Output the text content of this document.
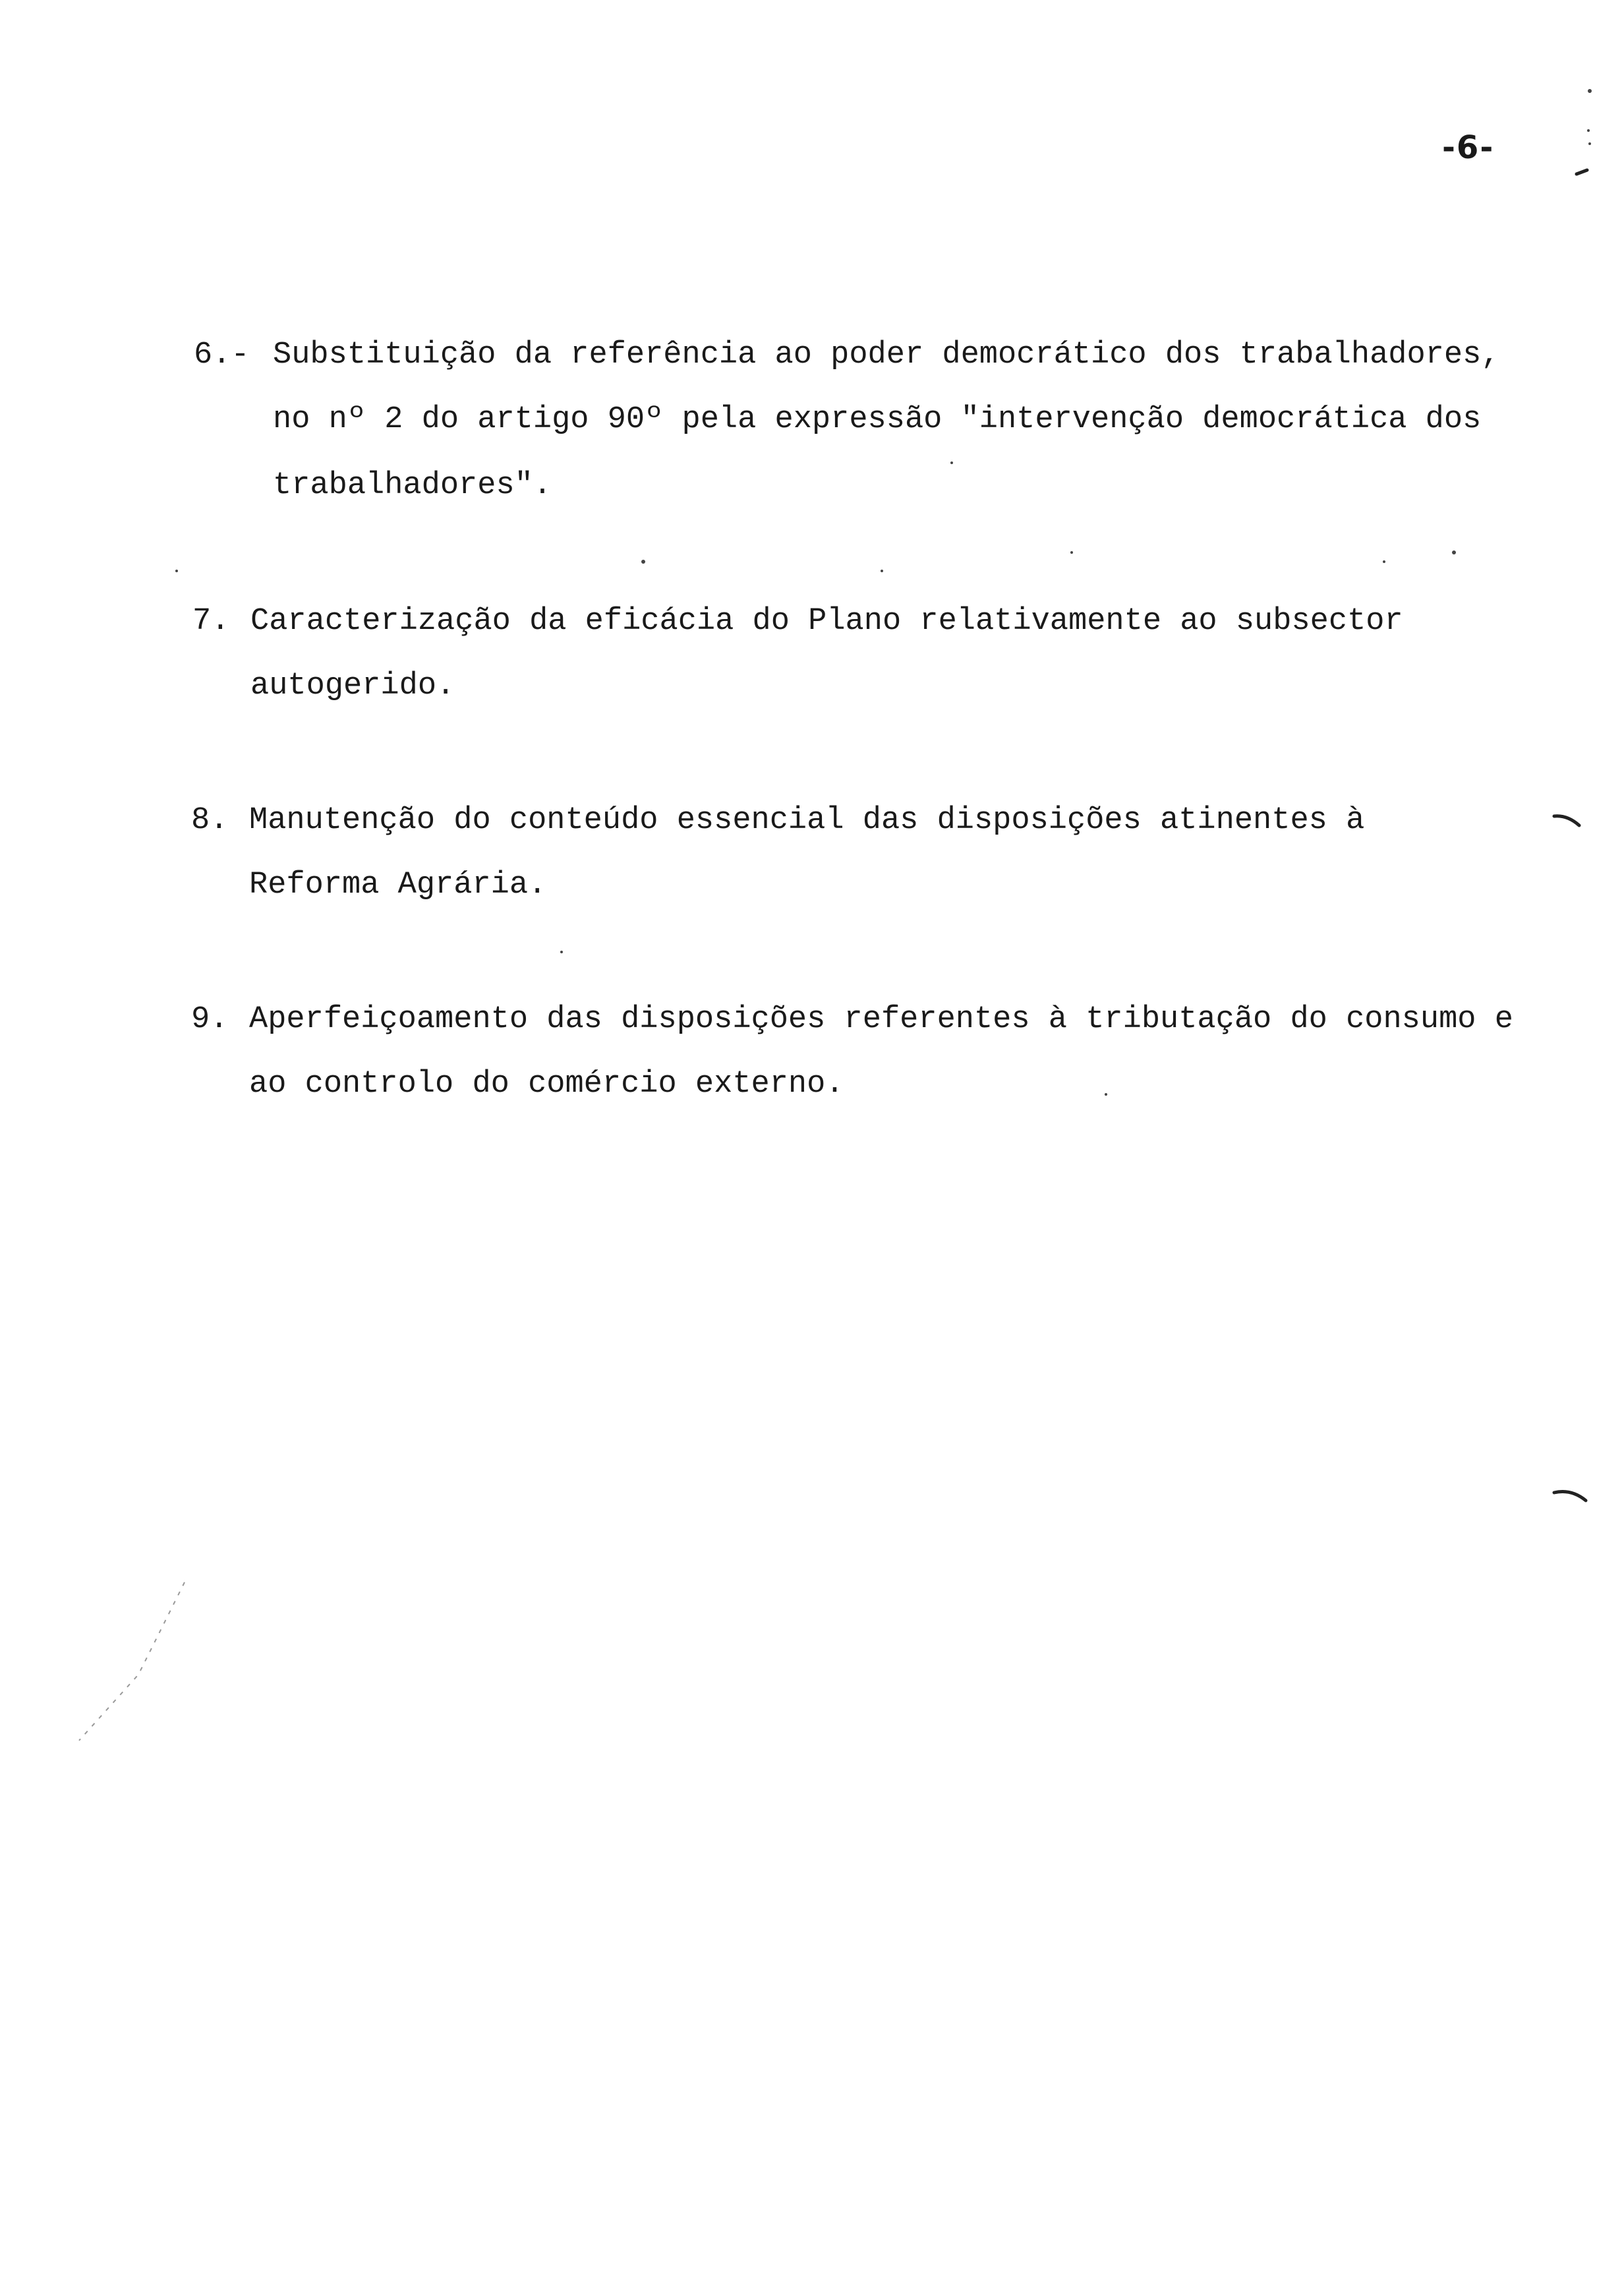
-6-
6.- Substituição da referência ao poder democrático dos trabalhadores,
no nº 2 do artigo 90º pela expressão "intervenção democrática dos
trabalhadores".
7. Caracterização da eficácia do Plano relativamente ao subsector
autogerido.
8. Manutenção do conteúdo essencial das disposições atinentes à
Reforma Agrária.
9. Aperfeiçoamento das disposições referentes à tributação do consumo e
ao controlo do comércio externo.
